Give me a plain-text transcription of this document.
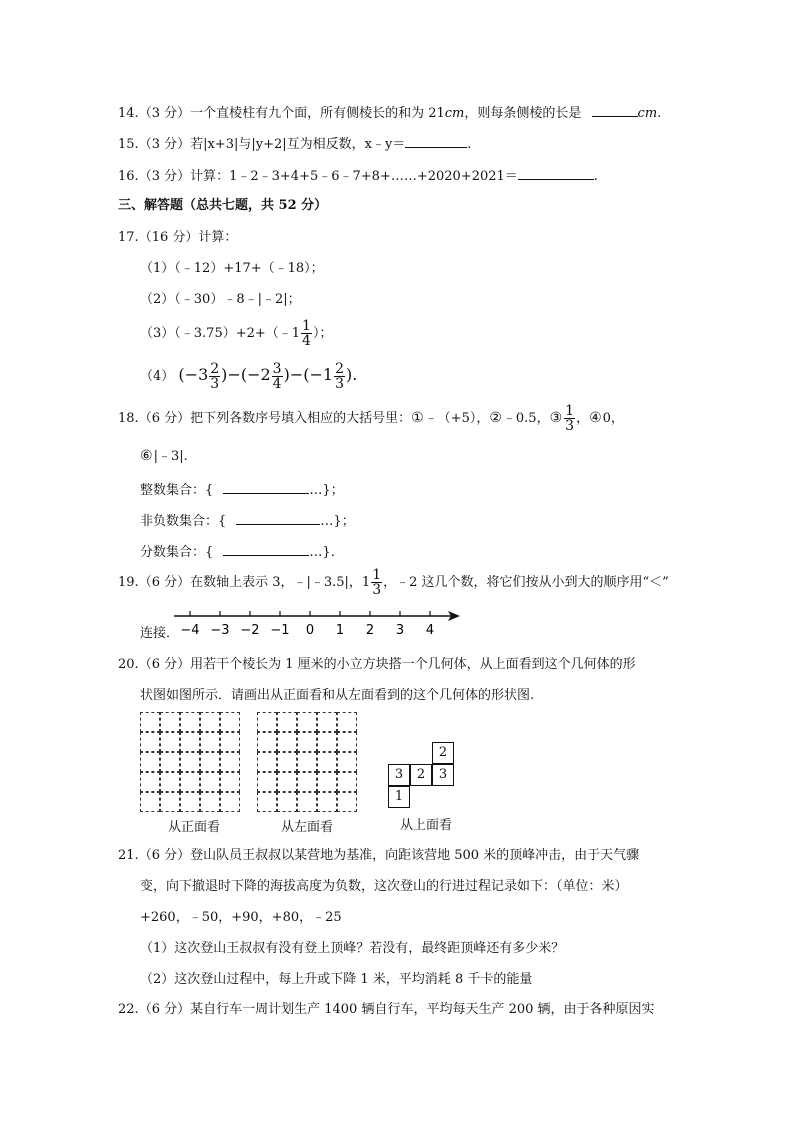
14.（3 分）一个直棱柱有九个面，所有侧棱长的和为 21cm，则每条侧棱的长是	cm.
15.（3 分）若|x+3|与|y+2|互为相反数，x﹣y＝	.
16.（3 分）计算：1﹣2﹣3+4+5﹣6﹣7+8+……+2020+2021＝	.
三、解答题（总共七题，共 52 分）
17.（16 分）计算：
（1）（﹣12）+17+（﹣18）；
（2）（﹣30）﹣8﹣|﹣2|；
（3）（﹣3.75）+2+（﹣1 $\frac{1}{4}$ ）；
（4） $(-3 \frac{2}{3} )-(-2 \frac{3}{4} )-(-1 \frac{2}{3}$ ).
18.（6 分）把下列各数序号填入相应的大括号里：①﹣（+5），②﹣0.5，③ $\frac{1}{3}$ ，④0，
⑥|﹣3|.
整数集合：{	…}；
非负数集合：{	…}；
分数集合：{	…}.
19.（6 分）在数轴上表示 3，﹣|﹣3.5|，$1 \frac{1}{3}$ ，﹣2 这几个数，将它们按从小到大的顺序用“＜”
连接． −4 −3 −2 −1 0 1 2 3 4
20.（6 分）用若干个棱长为 1 厘米的小立方块搭一个几何体，从上面看到这个几何体的形
状图如图所示．请画出从正面看和从左面看到的这个几何体的形状图.
2
3	2	3
1
从正面看	从左面看	从上面看
21.（6 分）登山队员王叔叔以某营地为基准，向距该营地 500 米的顶峰冲击，由于天气骤
变，向下撤退时下降的海拔高度为负数，这次登山的行进过程记录如下：（单位：米）
+260，﹣50，+90，+80，﹣25
（1）这次登山王叔叔有没有登上顶峰？若没有，最终距顶峰还有多少米？
（2）这次登山过程中，每上升或下降 1 米，平均消耗 8 千卡的能量
22.（6 分）某自行车一周计划生产 1400 辆自行车，平均每天生产 200 辆，由于各种原因实
